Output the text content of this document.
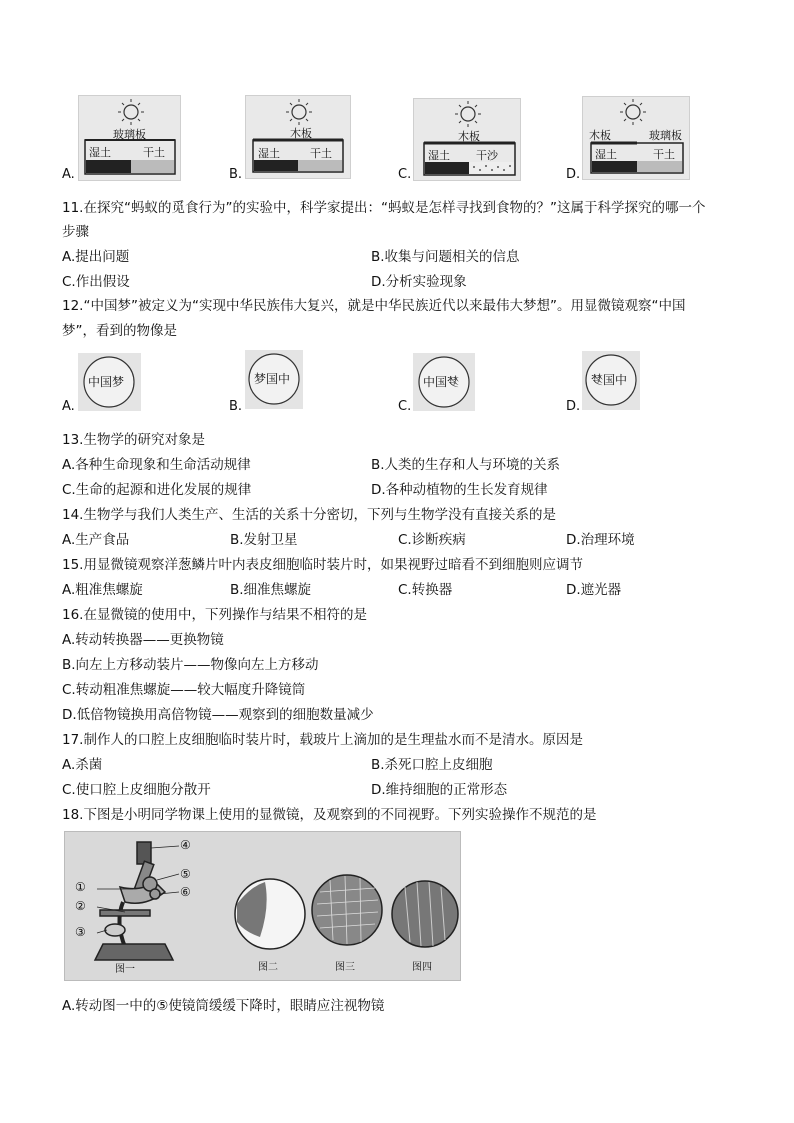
A.
玻璃板
湿土	干土
B.
木板
湿土	干土
C.
木板
湿土 干沙
D.
木板	玻璃板
湿土	干土
11.在探究“蚂蚁的觅食行为”的实验中，科学家提出：“蚂蚁是怎样寻找到食物的？”这属于科学探究的哪一个
步骤
A.提出问题	B.收集与问题相关的信息
C.作出假设	D.分析实验现象
12.“中国梦”被定义为“实现中华民族伟大复兴，就是中华民族近代以来最伟大梦想”。用显微镜观察“中国
梦”，看到的物像是
A.
中国梦
B.
梦国中
C.
中国梦
D.
梦国中
13.生物学的研究对象是
A.各种生命现象和生命活动规律	B.人类的生存和人与环境的关系
C.生命的起源和进化发展的规律	D.各种动植物的生长发育规律
14.生物学与我们人类生产、生活的关系十分密切，下列与生物学没有直接关系的是
A.生产食品	B.发射卫星	C.诊断疾病	D.治理环境
15.用显微镜观察洋葱鳞片叶内表皮细胞临时装片时，如果视野过暗看不到细胞则应调节
A.粗准焦螺旋	B.细准焦螺旋	C.转换器	D.遮光器
16.在显微镜的使用中，下列操作与结果不相符的是
A.转动转换器——更换物镜
B.向左上方移动装片——物像向左上方移动
C.转动粗准焦螺旋——较大幅度升降镜筒
D.低倍物镜换用高倍物镜——观察到的细胞数量减少
17.制作人的口腔上皮细胞临时装片时，载玻片上滴加的是生理盐水而不是清水。原因是
A.杀菌	B.杀死口腔上皮细胞
C.使口腔上皮细胞分散开	D.维持细胞的正常形态
18.下图是小明同学物课上使用的显微镜，及观察到的不同视野。下列实验操作不规范的是
①
②
③
④
⑤
⑥
图一	图二	图三	图四
A.转动图一中的⑤使镜筒缓缓下降时，眼睛应注视物镜
